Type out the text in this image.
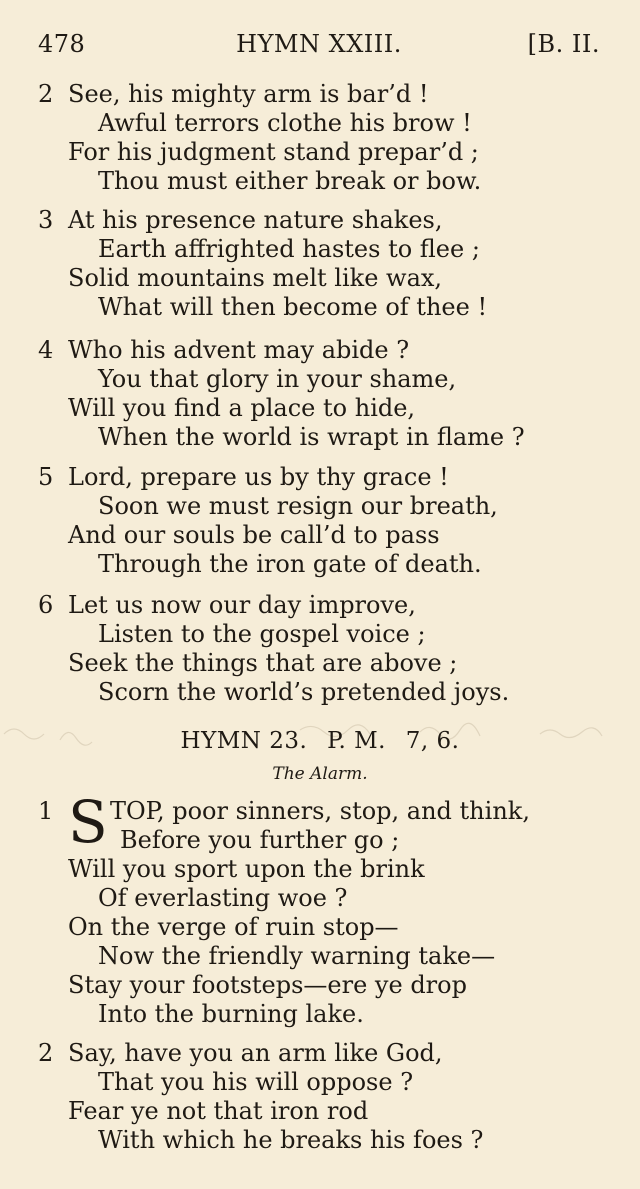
478	HYMN XXIII.	[B. II.
2 See, his mighty arm is bar’d !
Awful terrors clothe his brow !
For his judgment stand prepar’d ;
Thou must either break or bow.
3 At his presence nature shakes,
Earth affrighted hastes to flee ;
Solid mountains melt like wax,
What will then become of thee !
4 Who his advent may abide ?
You that glory in your shame,
Will you find a place to hide,
When the world is wrapt in flame ?
5 Lord, prepare us by thy grace !
Soon we must resign our breath,
And our souls be call’d to pass
Through the iron gate of death.
6 Let us now our day improve,
Listen to the gospel voice ;
Seek the things that are above ;
Scorn the world’s pretended joys.
HYMN 23. P. M. 7, 6.
The Alarm.
1 S TOP, poor sinners, stop, and think,
Before you further go ;
Will you sport upon the brink
Of everlasting woe ?
On the verge of ruin stop—
Now the friendly warning take—
Stay your footsteps—ere ye drop
Into the burning lake.
2 Say, have you an arm like God,
That you his will oppose ?
Fear ye not that iron rod
With which he breaks his foes ?
